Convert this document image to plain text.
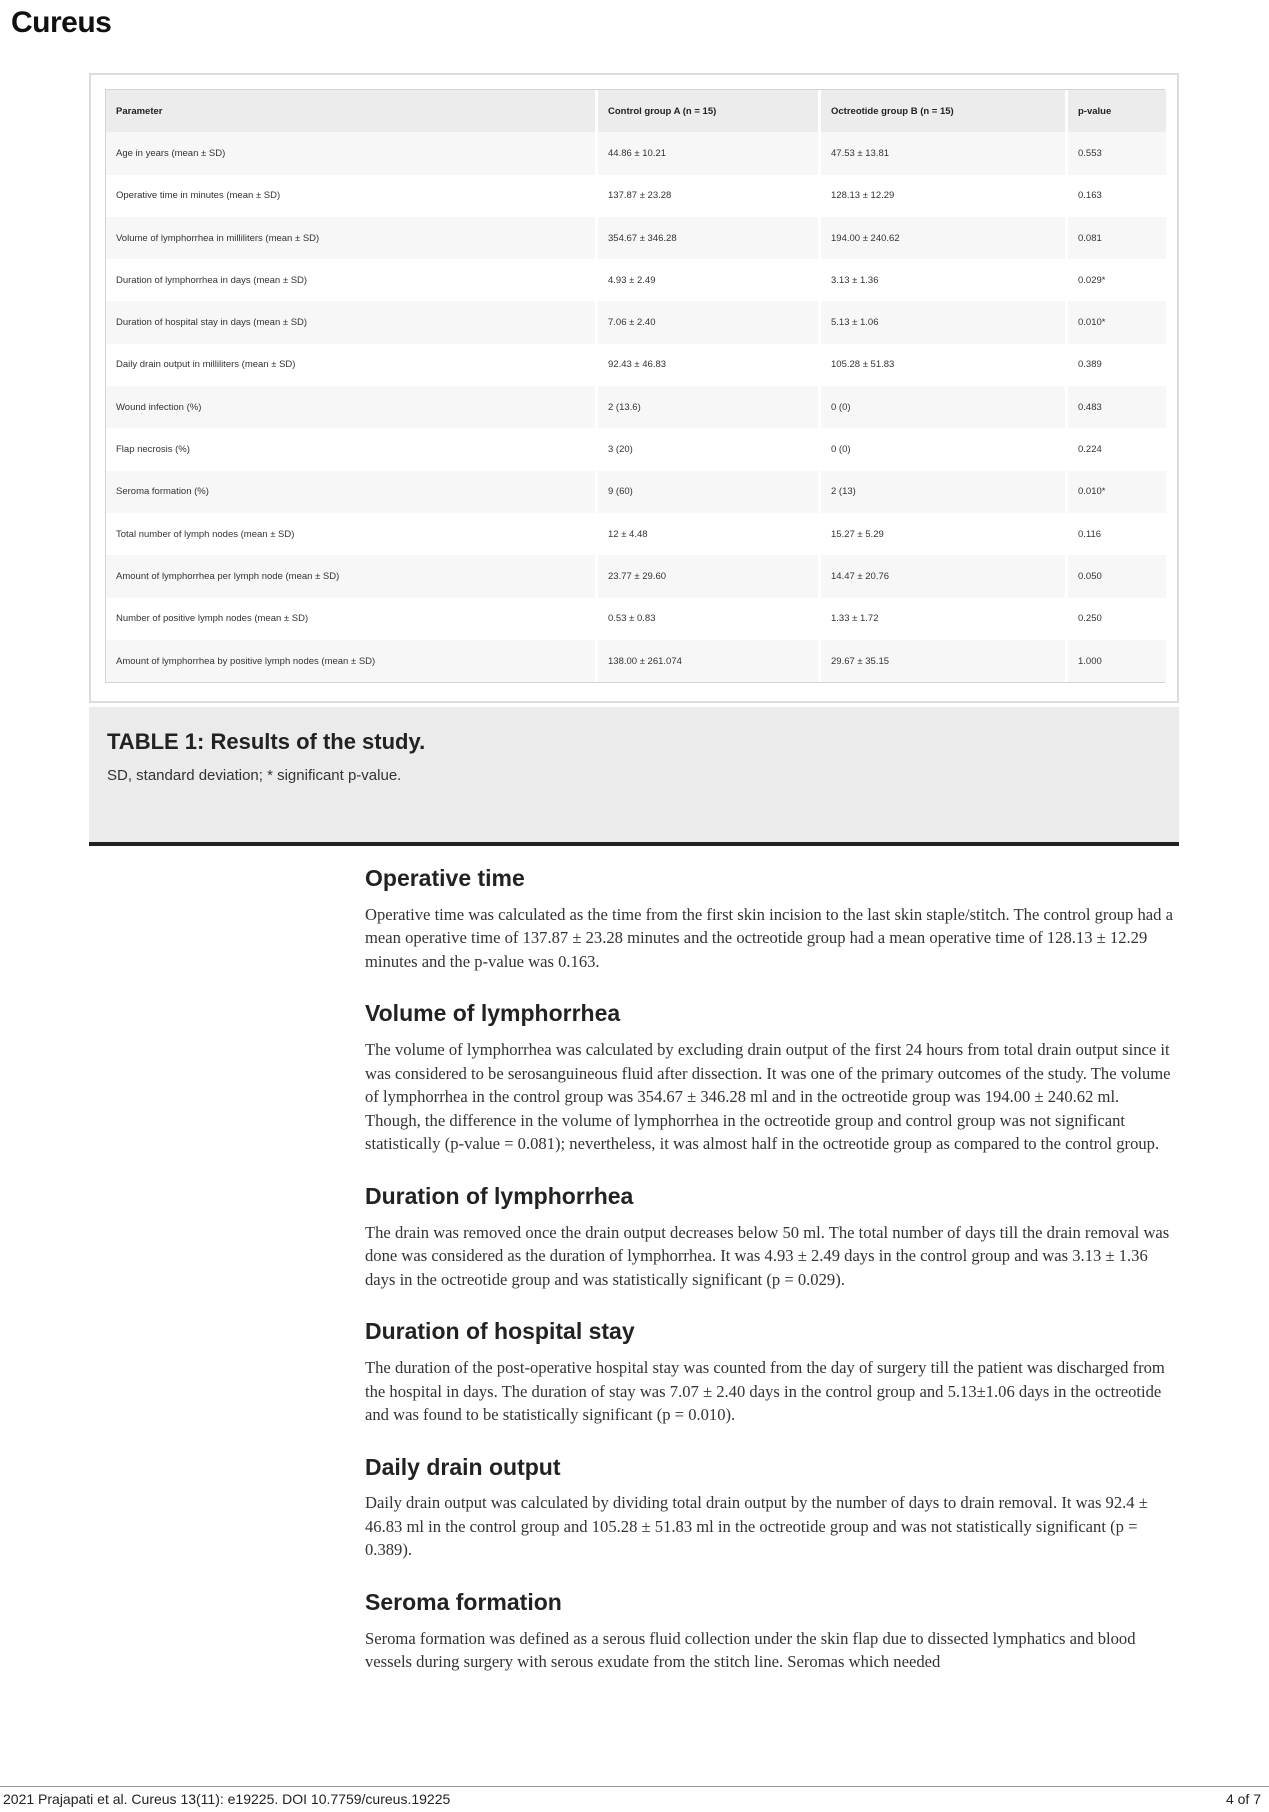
Cureus
Parameter	Control group A (n = 15)	Octreotide group B (n = 15)	p-value
Age in years (mean ± SD)	44.86 ± 10.21	47.53 ± 13.81	0.553
Operative time in minutes (mean ± SD)	137.87 ± 23.28	128.13 ± 12.29	0.163
Volume of lymphorrhea in milliliters (mean ± SD)	354.67 ± 346.28	194.00 ± 240.62	0.081
Duration of lymphorrhea in days (mean ± SD)	4.93 ± 2.49	3.13 ± 1.36	0.029*
Duration of hospital stay in days (mean ± SD)	7.06 ± 2.40	5.13 ± 1.06	0.010*
Daily drain output in milliliters (mean ± SD)	92.43 ± 46.83	105.28 ± 51.83	0.389
Wound infection (%)	2 (13.6)	0 (0)	0.483
Flap necrosis (%)	3 (20)	0 (0)	0.224
Seroma formation (%)	9 (60)	2 (13)	0.010*
Total number of lymph nodes (mean ± SD)	12 ± 4.48	15.27 ± 5.29	0.116
Amount of lymphorrhea per lymph node (mean ± SD)	23.77 ± 29.60	14.47 ± 20.76	0.050
Number of positive lymph nodes (mean ± SD)	0.53 ± 0.83	1.33 ± 1.72	0.250
Amount of lymphorrhea by positive lymph nodes (mean ± SD)	138.00 ± 261.074	29.67 ± 35.15	1.000
TABLE 1: Results of the study.
SD, standard deviation; * significant p-value.
Operative time

Operative time was calculated as the time from the first skin incision to the last skin staple/stitch. The control group had a mean operative time of 137.87 ± 23.28 minutes and the octreotide group had a mean operative time of 128.13 ± 12.29 minutes and the p-value was 0.163.

Volume of lymphorrhea

The volume of lymphorrhea was calculated by excluding drain output of the first 24 hours from total drain output since it was considered to be serosanguineous fluid after dissection. It was one of the primary outcomes of the study. The volume of lymphorrhea in the control group was 354.67 ± 346.28 ml and in the octreotide group was 194.00 ± 240.62 ml. Though, the difference in the volume of lymphorrhea in the octreotide group and control group was not significant statistically (p-value = 0.081); nevertheless, it was almost half in the octreotide group as compared to the control group.

Duration of lymphorrhea

The drain was removed once the drain output decreases below 50 ml. The total number of days till the drain removal was done was considered as the duration of lymphorrhea. It was 4.93 ± 2.49 days in the control group and was 3.13 ± 1.36 days in the octreotide group and was statistically significant (p = 0.029).

Duration of hospital stay

The duration of the post-operative hospital stay was counted from the day of surgery till the patient was discharged from the hospital in days. The duration of stay was 7.07 ± 2.40 days in the control group and 5.13±1.06 days in the octreotide and was found to be statistically significant (p = 0.010).

Daily drain output

Daily drain output was calculated by dividing total drain output by the number of days to drain removal. It was 92.4 ± 46.83 ml in the control group and 105.28 ± 51.83 ml in the octreotide group and was not statistically significant (p = 0.389).

Seroma formation

Seroma formation was defined as a serous fluid collection under the skin flap due to dissected lymphatics and blood vessels during surgery with serous exudate from the stitch line. Seromas which needed

2021 Prajapati et al. Cureus 13(11): e19225. DOI 10.7759/cureus.19225	4 of 7
